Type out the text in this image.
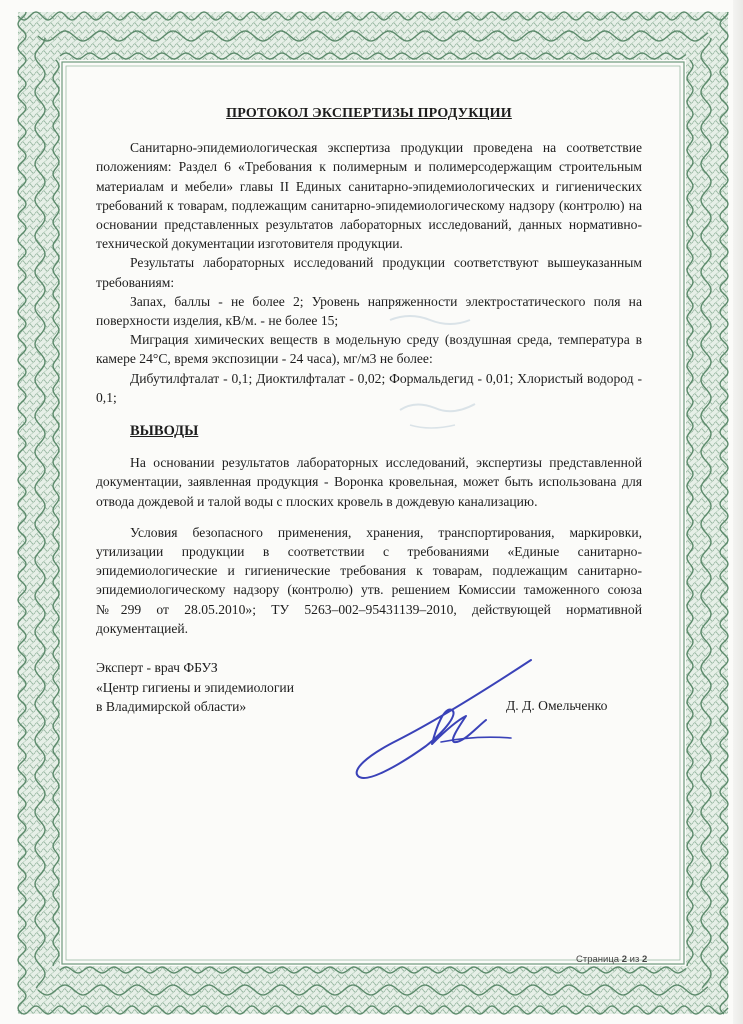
ПРОТОКОЛ ЭКСПЕРТИЗЫ ПРОДУКЦИИ

Санитарно-эпидемиологическая экспертиза продукции проведена на соответствие положениям: Раздел 6 «Требования к полимерным и полимерсодержащим строительным материалам и мебели» главы II Единых санитарно-эпидемиологических и гигиенических требований к товарам, подлежащим санитарно-эпидемиологическому надзору (контролю) на основании представленных результатов лабораторных исследований, данных нормативно-технической документации изготовителя продукции.

Результаты лабораторных исследований продукции соответствуют вышеуказанным требованиям:

Запах, баллы - не более 2; Уровень напряженности электростатического поля на поверхности изделия, кВ/м. - не более 15;

Миграция химических веществ в модельную среду (воздушная среда, температура в камере 24°С, время экспозиции - 24 часа), мг/м3 не более:

Дибутилфталат - 0,1; Диоктилфталат - 0,02; Формальдегид - 0,01; Хлористый водород - 0,1;

ВЫВОДЫ

На основании результатов лабораторных исследований, экспертизы представленной документации, заявленная продукция - Воронка кровельная, может быть использована для отвода дождевой и талой воды с плоских кровель в дождевую канализацию.

Условия безопасного применения, хранения, транспортирования, маркировки, утилизации продукции в соответствии с требованиями «Единые санитарно-эпидемиологические и гигиенические требования к товарам, подлежащим санитарно-эпидемиологическому надзору (контролю) утв. решением Комиссии таможенного союза №299 от 28.05.2010»; ТУ 5263–002–95431139–2010, действующей нормативной документацией.

Эксперт - врач ФБУЗ
«Центр гигиены и эпидемиологии
в Владимирской области»	Д. Д. Омельченко
Страница 2 из 2
